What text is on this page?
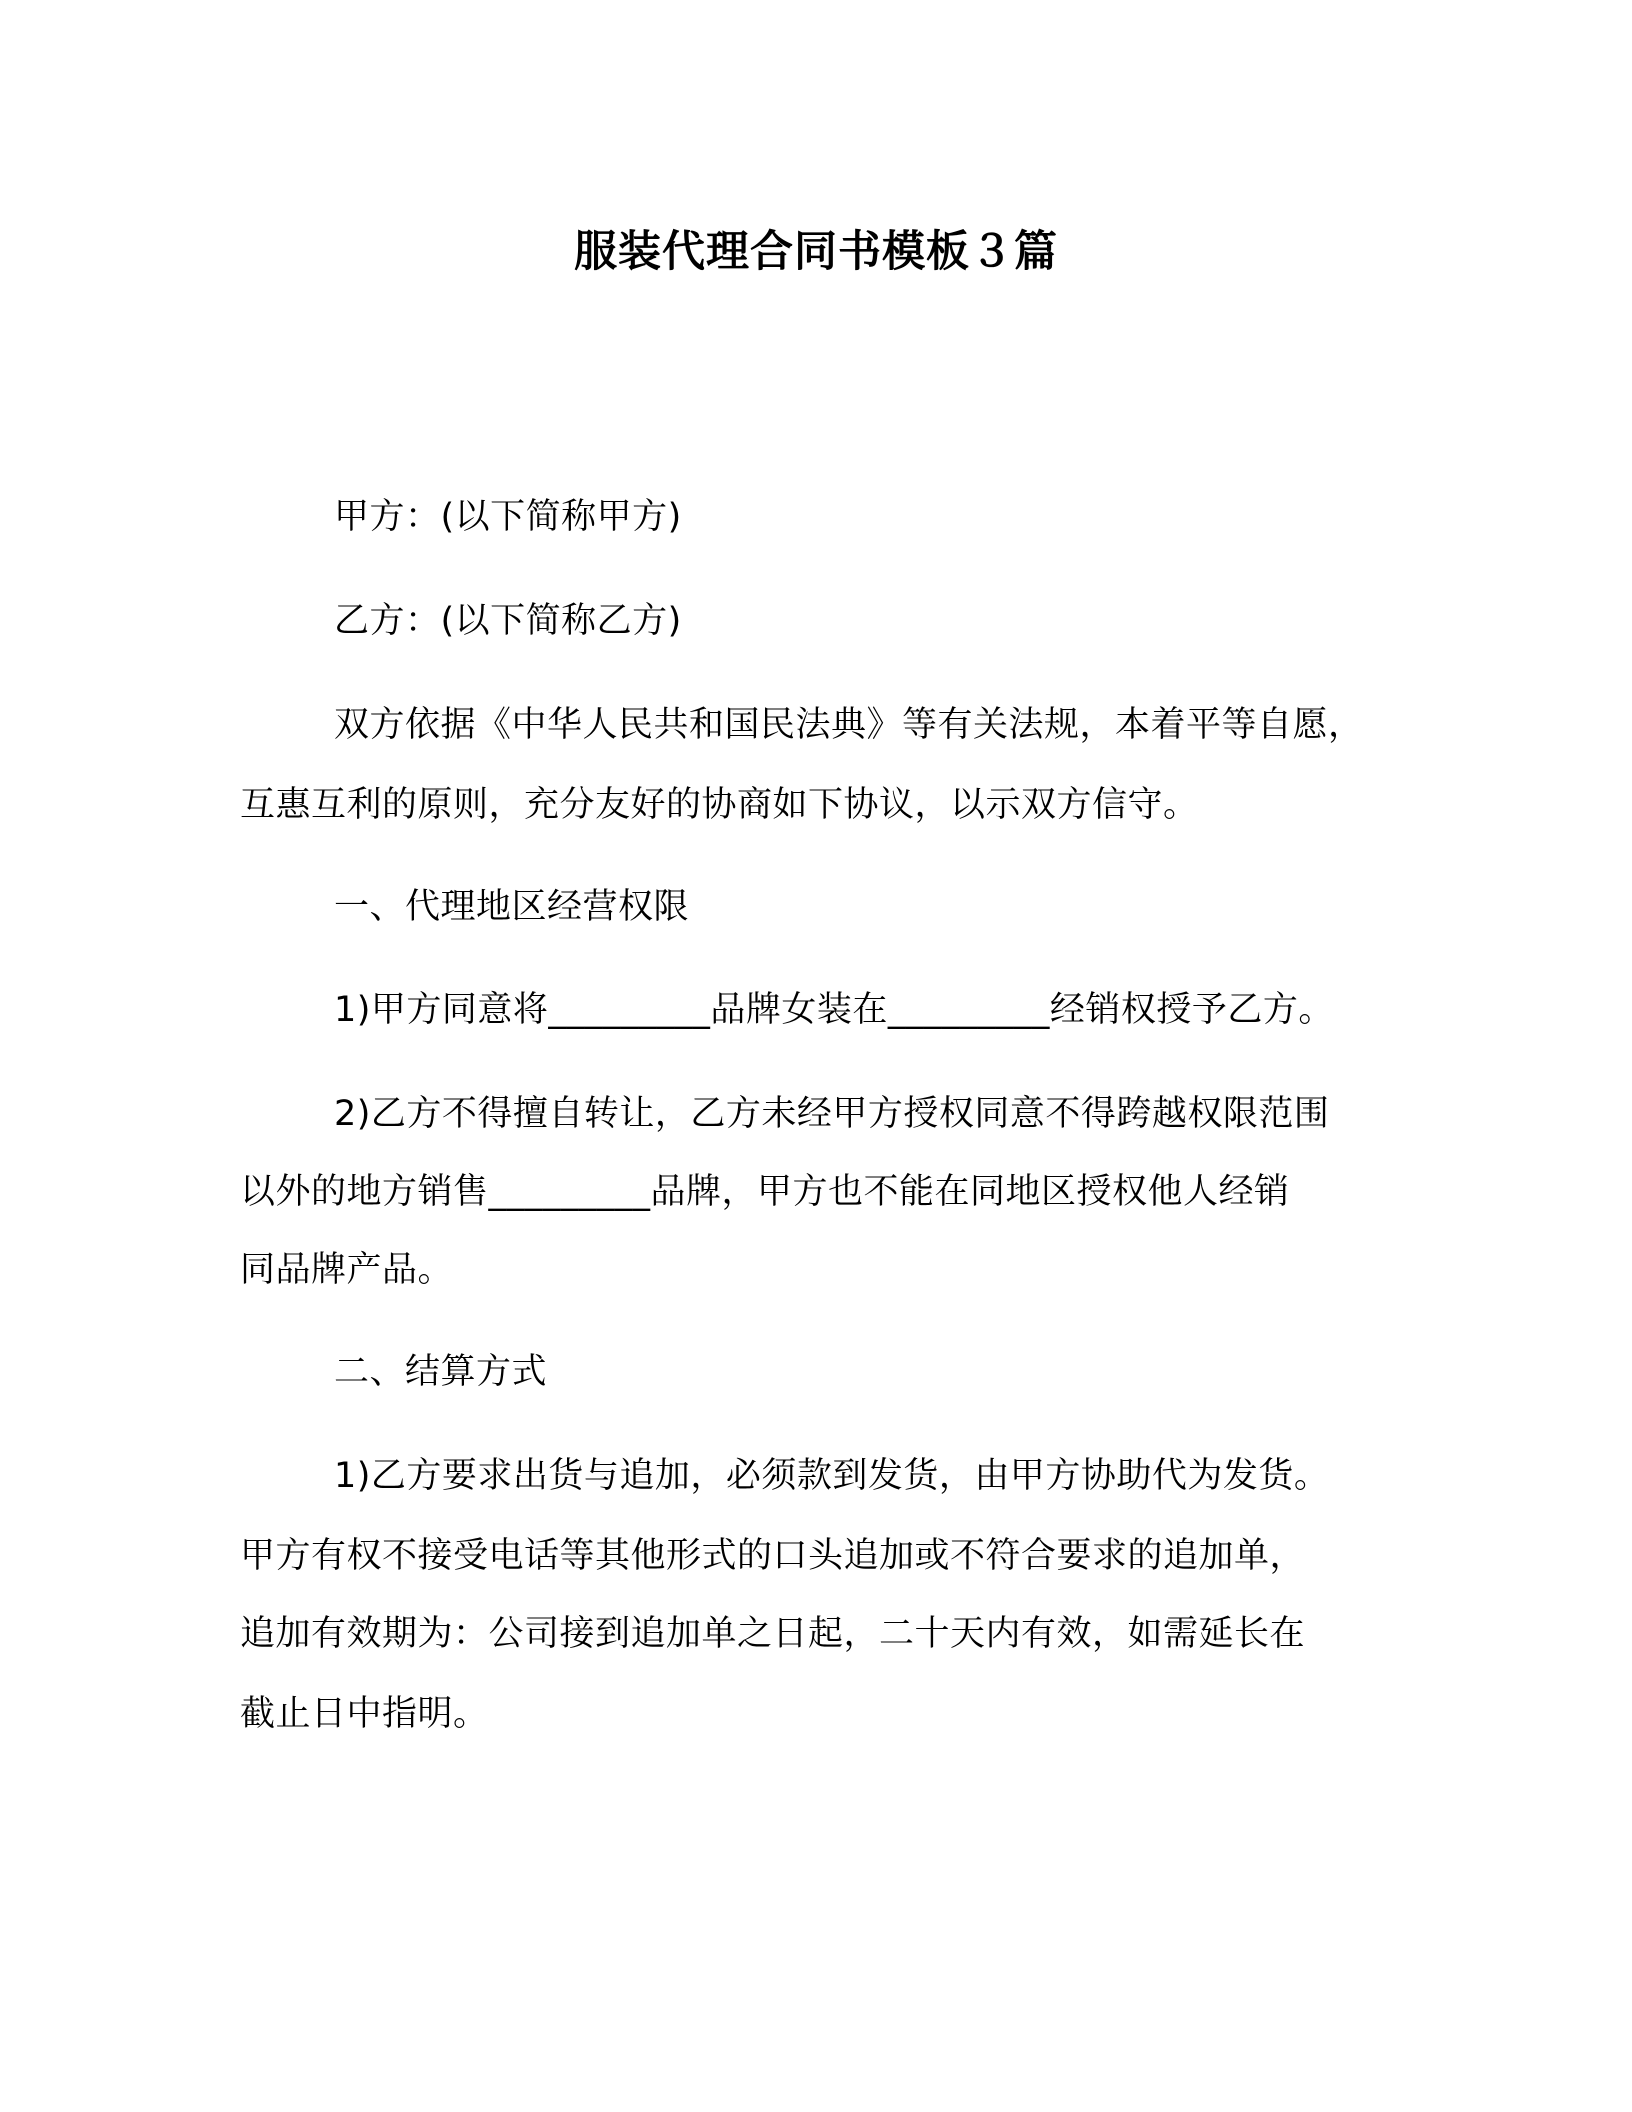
服装代理合同书模板３篇
甲方：(以下简称甲方)
乙方：(以下简称乙方)
双方依据《中华人民共和国民法典》等有关法规，本着平等自愿，
互惠互利的原则，充分友好的协商如下协议，以示双方信守。
一、代理地区经营权限
1)甲方同意将_________品牌女装在_________经销权授予乙方。
2)乙方不得擅自转让，乙方未经甲方授权同意不得跨越权限范围
以外的地方销售_________品牌，甲方也不能在同地区授权他人经销
同品牌产品。
二、结算方式
1)乙方要求出货与追加，必须款到发货，由甲方协助代为发货。
甲方有权不接受电话等其他形式的口头追加或不符合要求的追加单，
追加有效期为：公司接到追加单之日起，二十天内有效，如需延长在
截止日中指明。
